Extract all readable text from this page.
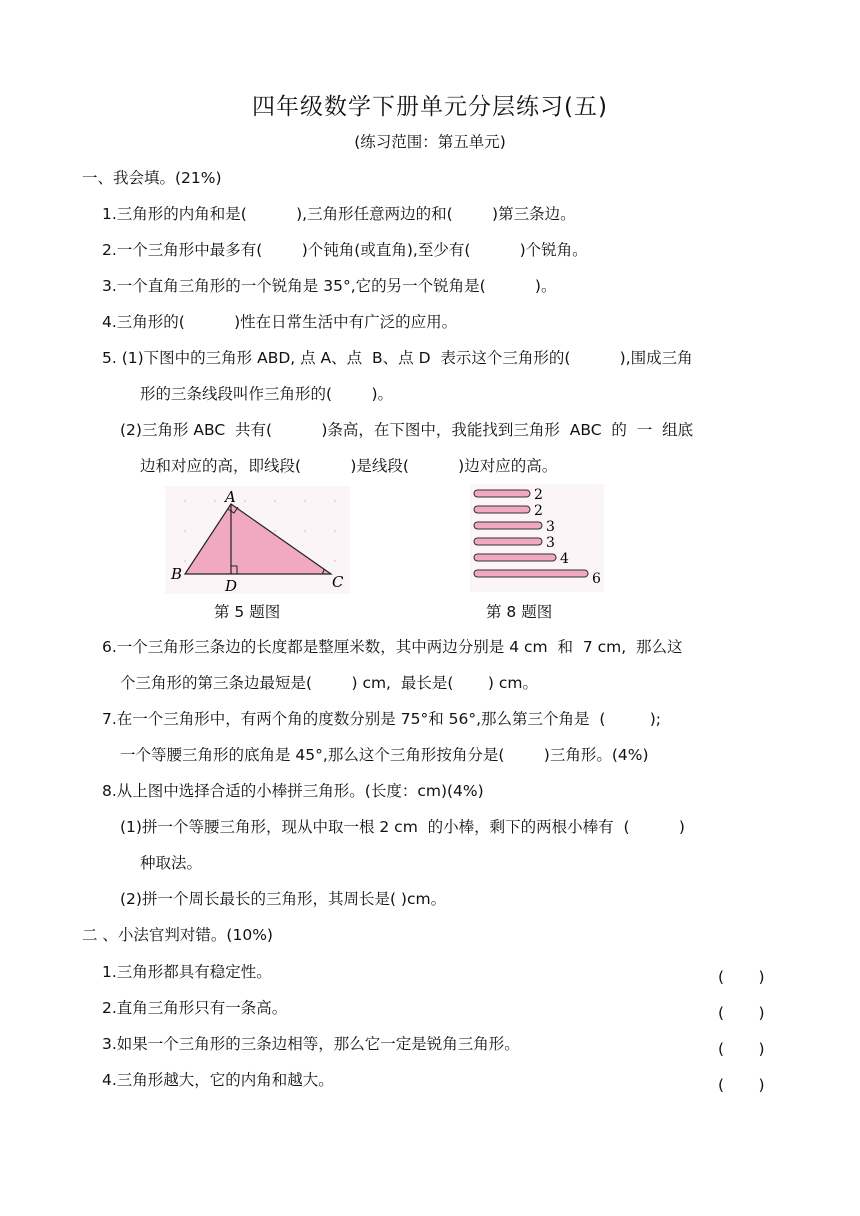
四年级数学下册单元分层练习(五)
(练习范围：第五单元)
一、我会填。(21%)
1.三角形的内角和是(          ),三角形任意两边的和(        )第三条边。
2.一个三角形中最多有(        )个钝角(或直角),至少有(          )个锐角。
3.一个直角三角形的一个锐角是 35°,它的另一个锐角是(          )。
4.三角形的(          )性在日常生活中有广泛的应用。
5. (1)下图中的三角形 ABD, 点 A、点  B、点 D  表示这个三角形的(          ),围成三角
形的三条线段叫作三角形的(        )。
(2)三角形 ABC  共有(          )条高，在下图中，我能找到三角形  ABC  的  一  组底
边和对应的高，即线段(          )是线段(          )边对应的高。
A
B	C
D
第 5 题图
2
2
3
3
4
6
第 8 题图
6.一个三角形三条边的长度都是整厘米数，其中两边分别是 4 cm  和  7 cm,  那么这
个三角形的第三条边最短是(        ) cm,  最长是(       ) cm。
7.在一个三角形中，有两个角的度数分别是 75°和 56°,那么第三个角是  (         );
一个等腰三角形的底角是 45°,那么这个三角形按角分是(        )三角形。(4%)
8.从上图中选择合适的小棒拼三角形。(长度：cm)(4%)
(1)拼一个等腰三角形，现从中取一根 2 cm  的小棒，剩下的两根小棒有  (          )
种取法。
(2)拼一个周长最长的三角形，其周长是( )cm。
二 、小法官判对错。(10%)
1.三角形都具有稳定性。	(       )
2.直角三角形只有一条高。	(       )
3.如果一个三角形的三条边相等，那么它一定是锐角三角形。	(       )
4.三角形越大，它的内角和越大。	(       )
